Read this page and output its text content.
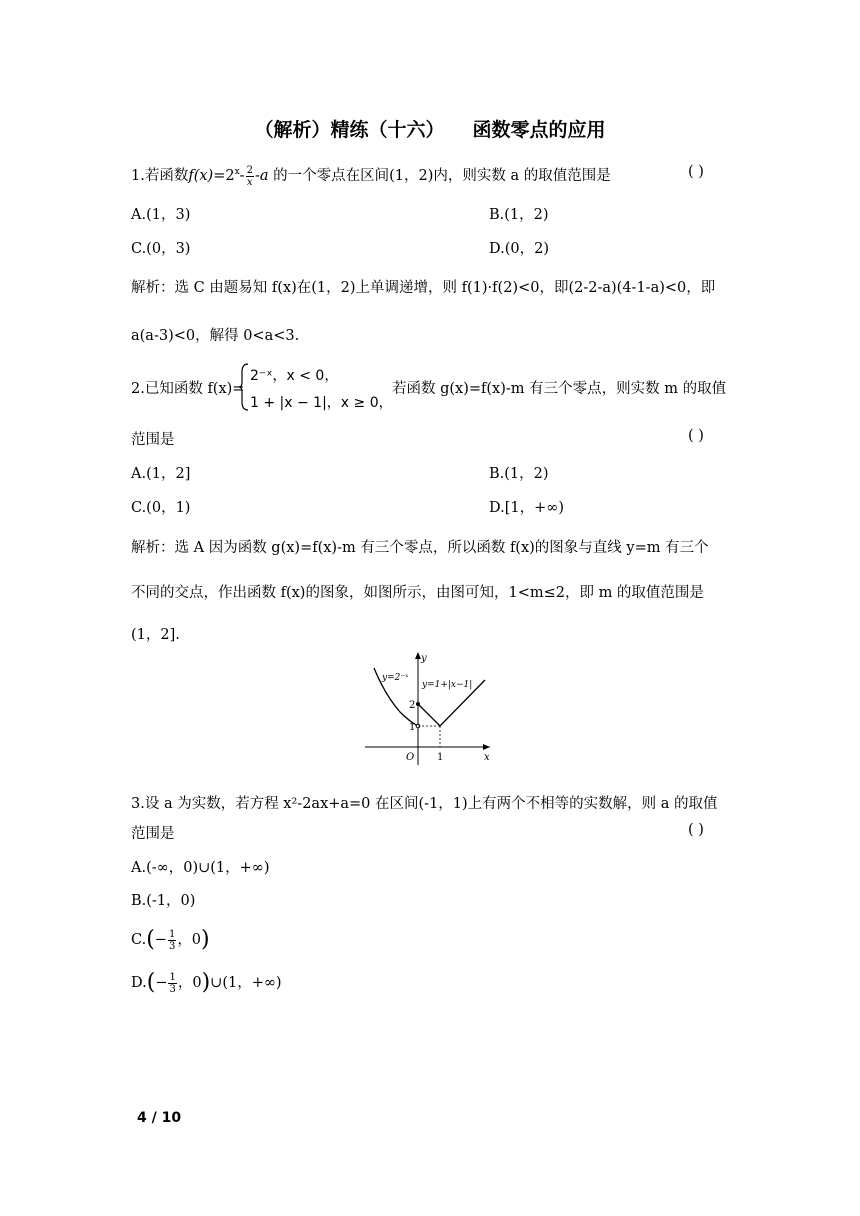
（解析）精练（十六） 函数零点的应用
1.若函数$f(x)=2^x- \frac{2}{x} -a$ 的一个零点在区间(1，2)内，则实数 a 的取值范围是	( )
A.(1，3)	B.(1，2)
C.(0，3)	D.(0，2)
解析：选 C 由题易知 f(x)在(1，2)上单调递增，则 f(1)·f(2)<0，即(2-2-a)(4-1-a)<0，即
a(a-3)<0，解得 0<a<3.
2.已知函数 f(x)=
2⁻ˣ，x < 0，
1 + |x − 1|，x ≥ 0，
若函数 g(x)=f(x)-m 有三个零点，则实数 m 的取值
范围是	( )
A.(1，2]	B.(1，2)
C.(0，1)	D.[1，+∞)
解析：选 A 因为函数 g(x)=f(x)-m 有三个零点，所以函数 f(x)的图象与直线 y=m 有三个
不同的交点，作出函数 f(x)的图象，如图所示，由图可知，1<m≤2，即 m 的取值范围是
(1，2].
y=2⁻ˣ
y=1+|x−1|
y
x
O 1
1
2
3.设 a 为实数，若方程 x²-2ax+a=0 在区间(-1，1)上有两个不相等的实数解，则 a 的取值
范围是	( )
A.(-∞，0)∪(1，+∞)
B.(-1，0)
$C.(- \frac{1}{3}$ ，0)
$D.(- \frac{1}{3}$ ，0)∪(1，+∞)
4 / 10
